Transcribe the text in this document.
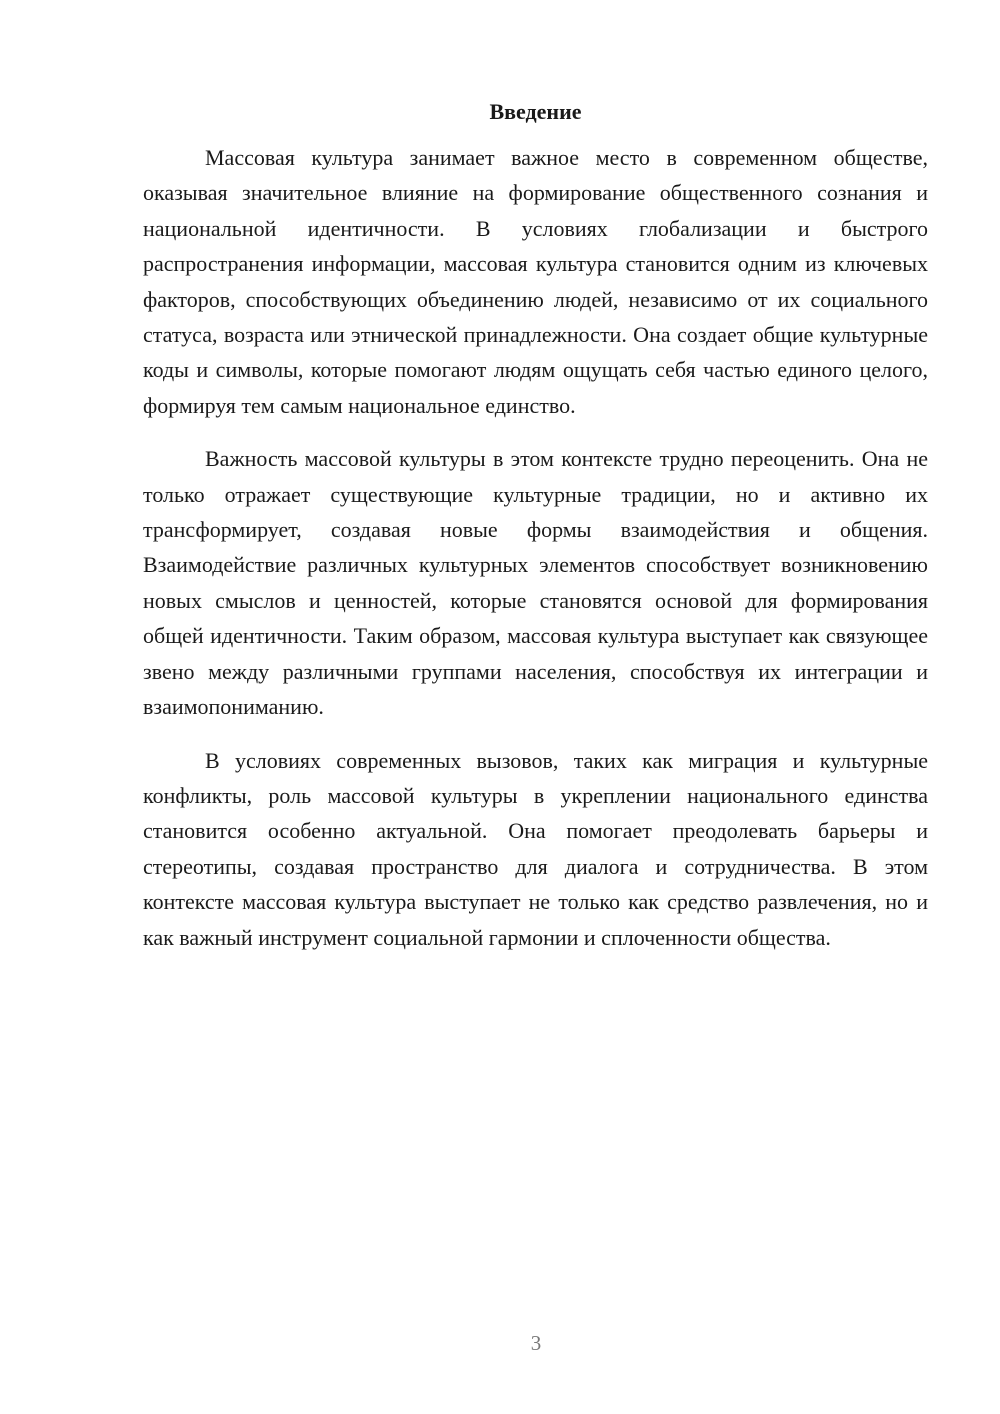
Введение

Массовая культура занимает важное место в современном обществе, оказывая значительное влияние на формирование общественного сознания и национальной идентичности. В условиях глобализации и быстрого распространения информации, массовая культура становится одним из ключевых факторов, способствующих объединению людей, независимо от их социального статуса, возраста или этнической принадлежности. Она создает общие культурные коды и символы, которые помогают людям ощущать себя частью единого целого, формируя тем самым национальное единство.

Важность массовой культуры в этом контексте трудно переоценить. Она не только отражает существующие культурные традиции, но и активно их трансформирует, создавая новые формы взаимодействия и общения. Взаимодействие различных культурных элементов способствует возникновению новых смыслов и ценностей, которые становятся основой для формирования общей идентичности. Таким образом, массовая культура выступает как связующее звено между различными группами населения, способствуя их интеграции и взаимопониманию.

В условиях современных вызовов, таких как миграция и культурные конфликты, роль массовой культуры в укреплении национального единства становится особенно актуальной. Она помогает преодолевать барьеры и стереотипы, создавая пространство для диалога и сотрудничества. В этом контексте массовая культура выступает не только как средство развлечения, но и как важный инструмент социальной гармонии и сплоченности общества.

3
